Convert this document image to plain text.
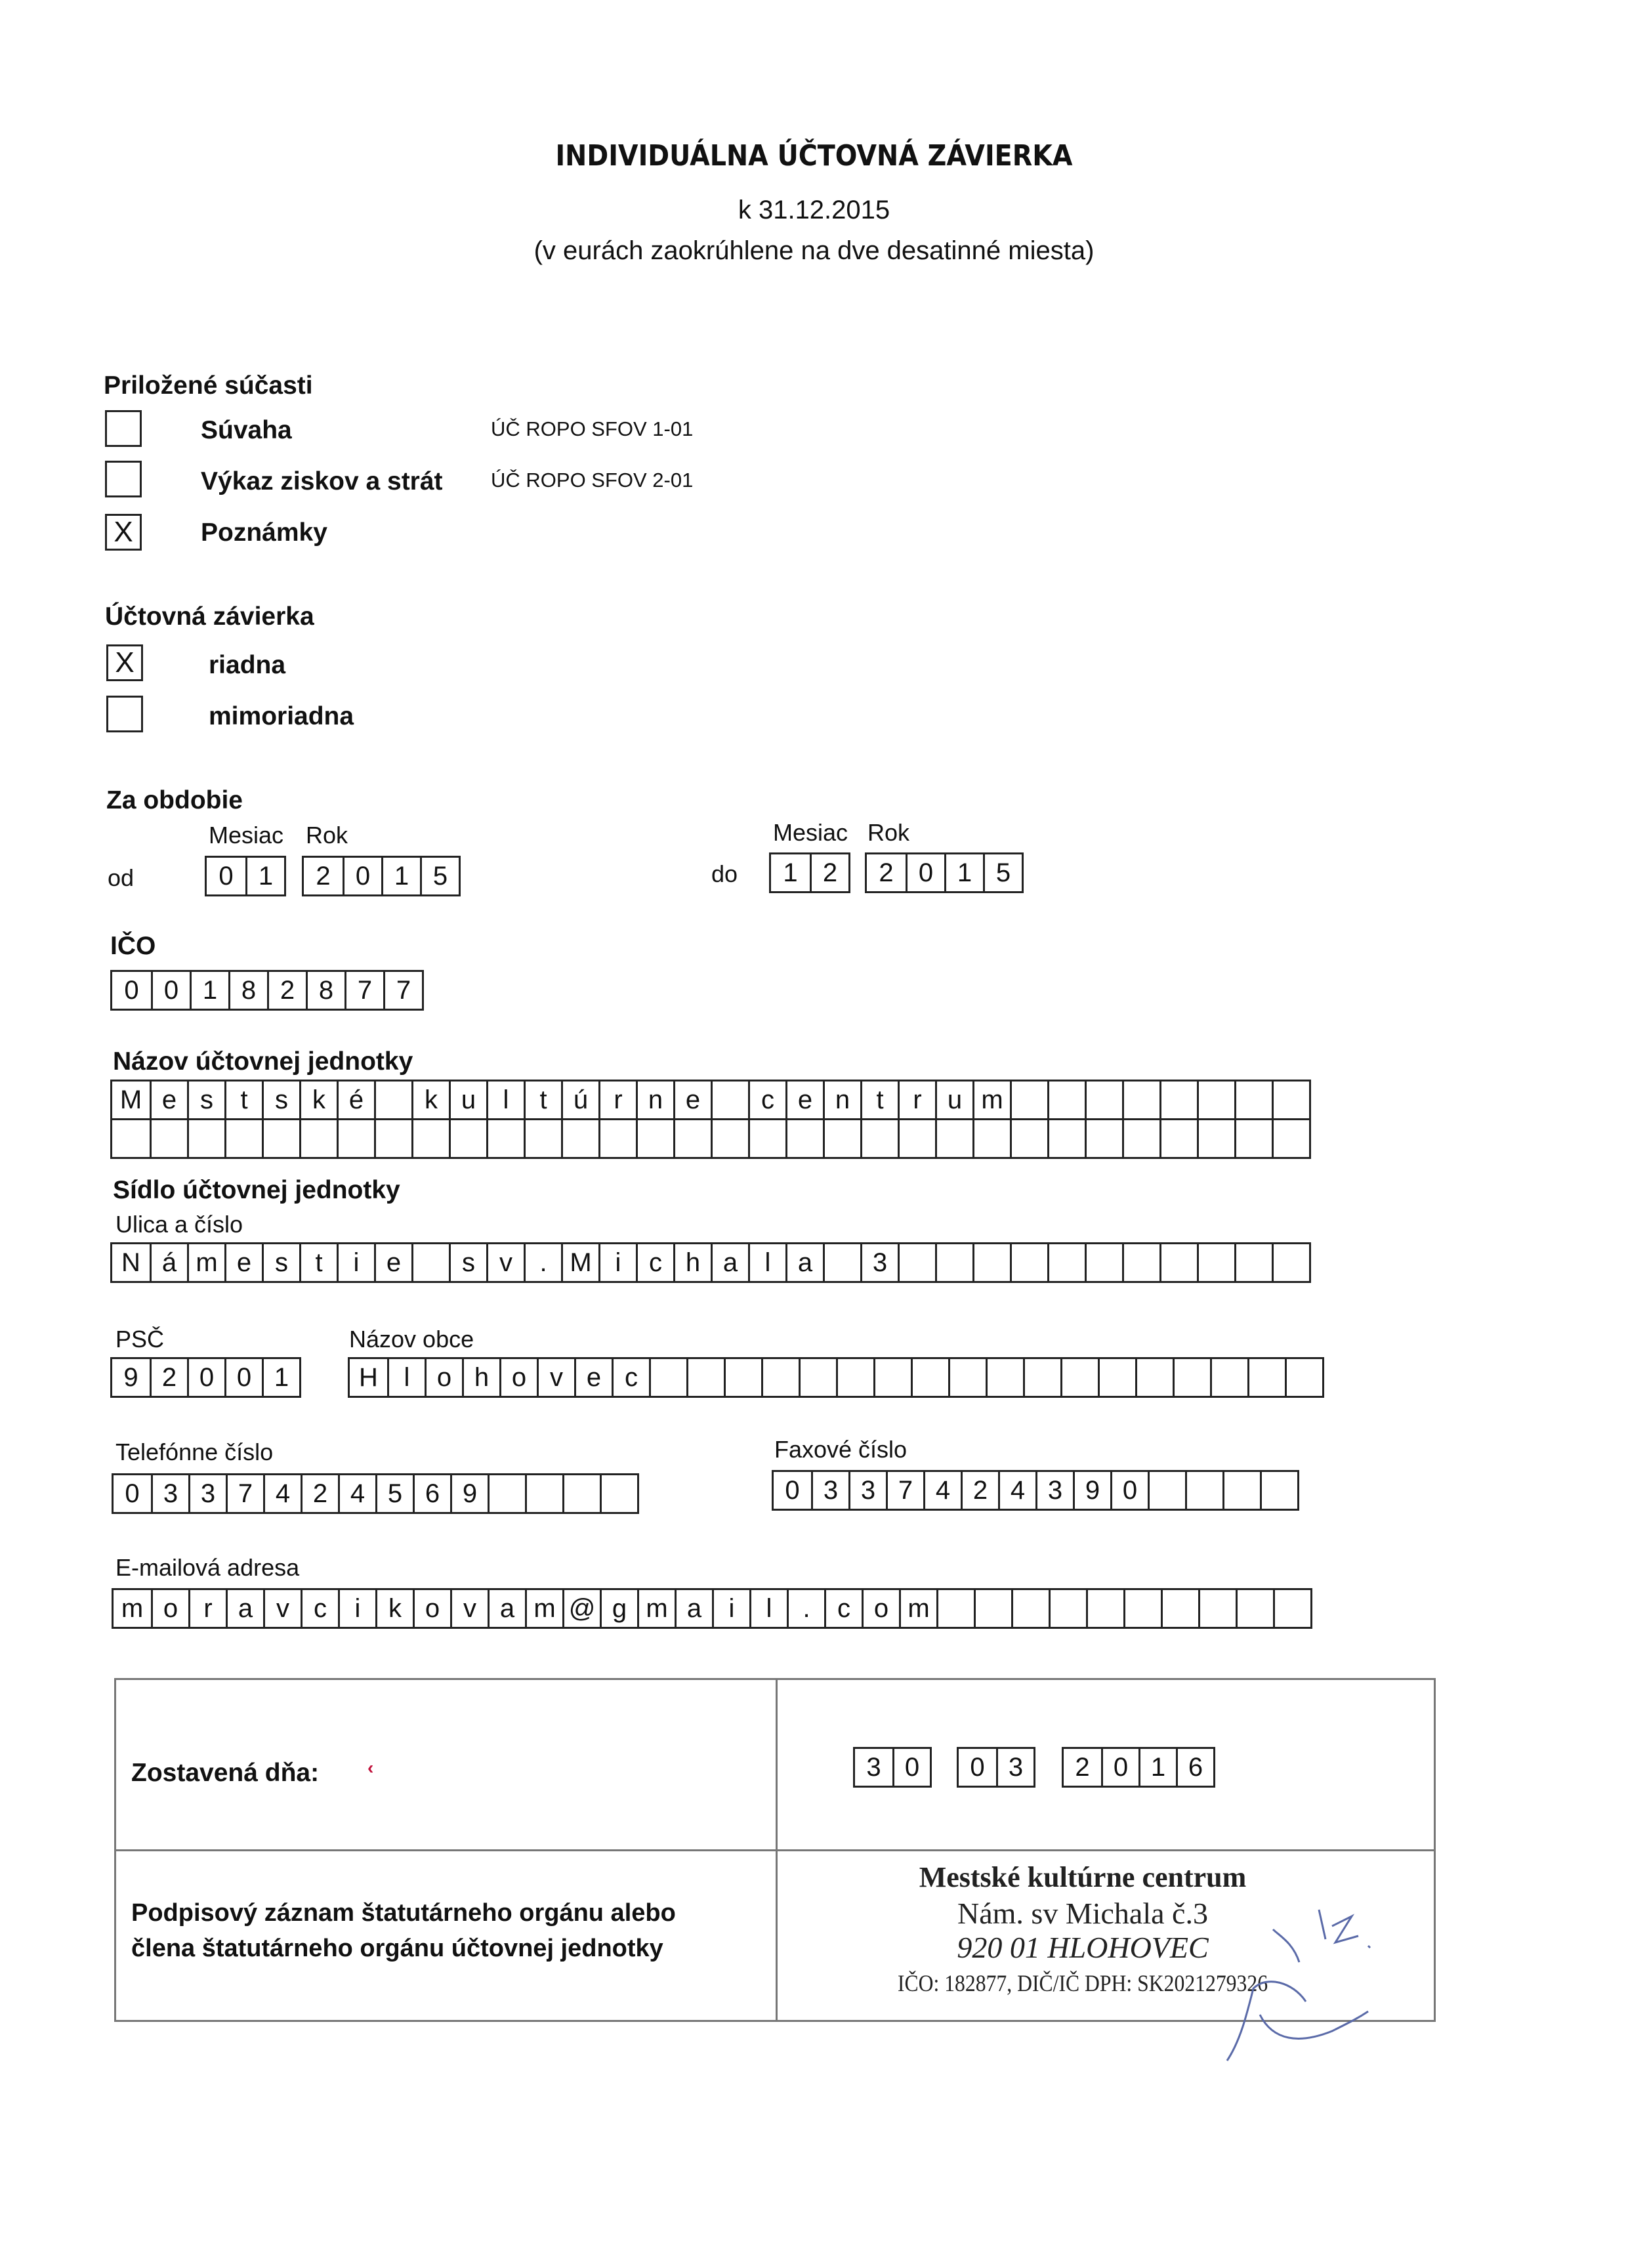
INDIVIDUÁLNA ÚČTOVNÁ ZÁVIERKA
k 31.12.2015
(v eurách zaokrúhlene na dve desatinné miesta)
Priložené súčasti
Súvaha	ÚČ ROPO SFOV 1-01
Výkaz ziskov a strát ÚČ ROPO SFOV 2-01
X	Poznámky
Účtovná závierka
X	riadna
mimoriadna
Za obdobie
Mesiac Rok	Mesiac Rok
od	0 1	2 0 1 5	do	1 2	2 0 1 5
IČO
0 0 1 8 2 8 7 7
Názov účtovnej jednotky
M e s	t	s k é	k u	l	t	ú r n e	c e n	t	r u m
Sídlo účtovnej jednotky
Ulica a číslo
N á m e s	t	i	e	s v	. M i	c h a	l	a	3
PSČ	Názov obce
9 2 0 0 1	H l	o h o v e c
Telefónne číslo	Faxové číslo
0 3 3 7 4 2 4 5 6 9	0 3 3 7 4 2 4 3 9 0
E-mailová adresa
m o r a v c	i	k o v a m @ g m a	i	l	.	c o m
Zostavená dňa:	‹	3 0	0 3	2 0 1 6
Podpisový záznam štatutárneho orgánu alebo
člena štatutárneho orgánu účtovnej jednotky
Mestské kultúrne centrum
Nám. sv Michala č.3
920 01 HLOHOVEC
IČO: 182877, DIČ/IČ DPH: SK2021279326
